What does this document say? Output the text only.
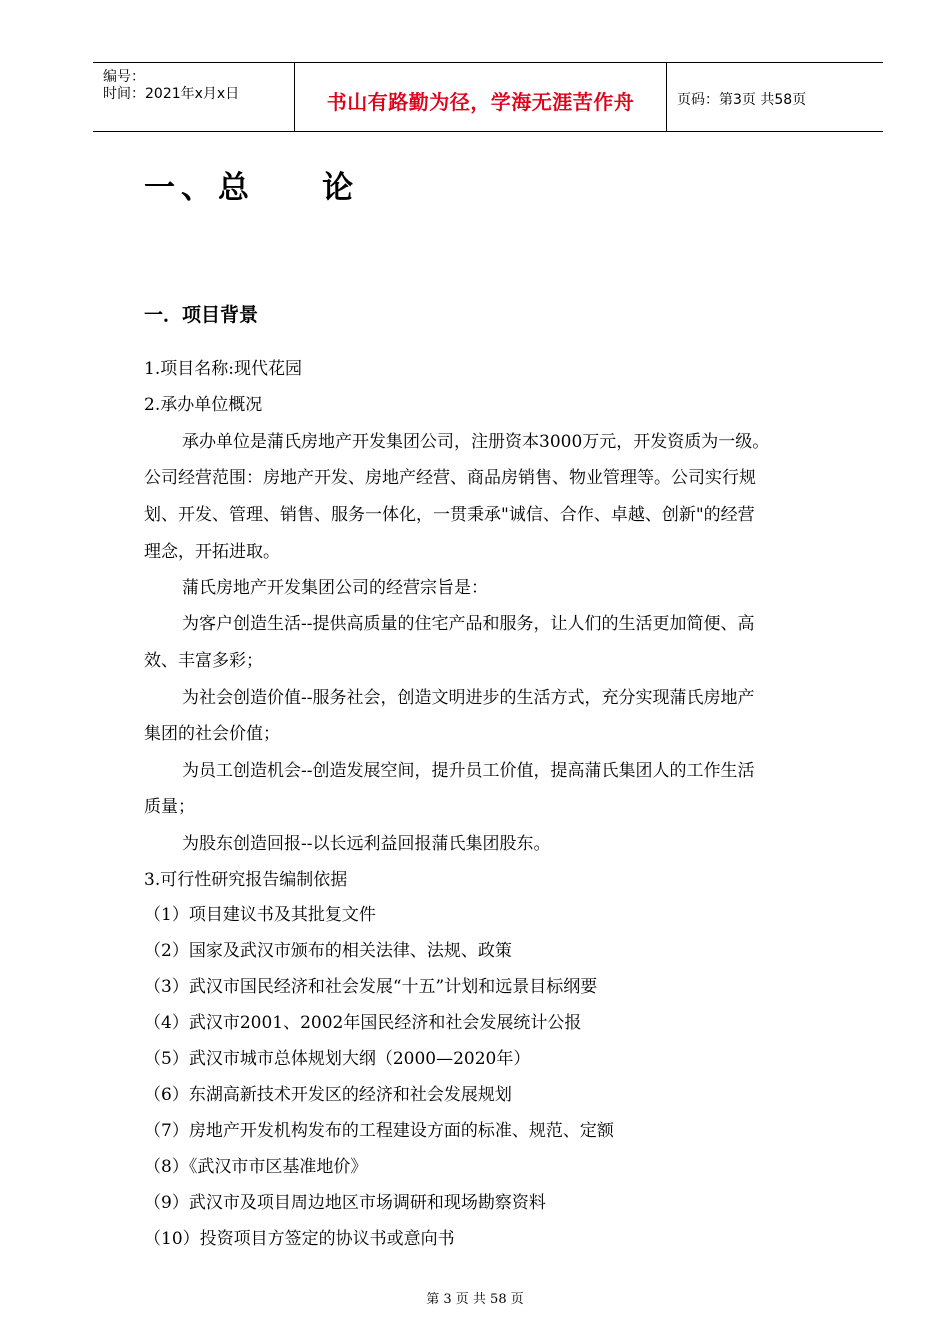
编号：
时间：2021年x月x日	书山有路勤为径，学海无涯苦作舟	页码：第3页 共58页
一、总    论
一．项目背景
1.项目名称:现代花园
2.承办单位概况
承办单位是蒲氏房地产开发集团公司，注册资本3000万元，开发资质为一级。
公司经营范围：房地产开发、房地产经营、商品房销售、物业管理等。公司实行规
划、开发、管理、销售、服务一体化，一贯秉承"诚信、合作、卓越、创新"的经营
理念，开拓进取。
蒲氏房地产开发集团公司的经营宗旨是：
为客户创造生活--提供高质量的住宅产品和服务，让人们的生活更加简便、高
效、丰富多彩；
为社会创造价值--服务社会，创造文明进步的生活方式，充分实现蒲氏房地产
集团的社会价值；
为员工创造机会--创造发展空间，提升员工价值，提高蒲氏集团人的工作生活
质量；
为股东创造回报--以长远利益回报蒲氏集团股东。
3.可行性研究报告编制依据
（1）项目建议书及其批复文件
（2）国家及武汉市颁布的相关法律、法规、政策
（3）武汉市国民经济和社会发展“十五”计划和远景目标纲要
（4）武汉市2001、2002年国民经济和社会发展统计公报
（5）武汉市城市总体规划大纲（2000—2020年）
（6）东湖高新技术开发区的经济和社会发展规划
（7）房地产开发机构发布的工程建设方面的标准、规范、定额
（8）《武汉市市区基准地价》
（9）武汉市及项目周边地区市场调研和现场勘察资料
（10）投资项目方签定的协议书或意向书
第 3 页 共 58 页
